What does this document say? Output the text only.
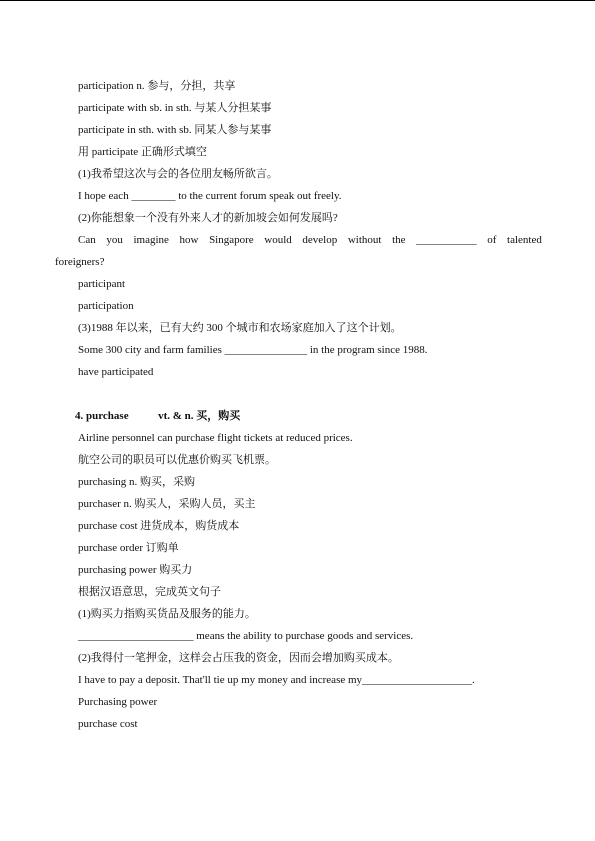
participation n. 参与，分担，共享
participate with sb. in sth. 与某人分担某事
participate in sth. with sb. 同某人参与某事
用 participate 正确形式填空
(1)我希望这次与会的各位朋友畅所欲言。
I hope each ________ to the current forum speak out freely.
(2)你能想象一个没有外来人才的新加坡会如何发展吗?
Can you imagine how Singapore would develop without the ___________ of talented
foreigners?
participant
participation
(3)1988 年以来，已有大约 300 个城市和农场家庭加入了这个计划。
Some 300 city and farm families _______________ in the program since 1988.
have participated
4. purchase	vt. & n. 买，购买
Airline personnel can purchase flight tickets at reduced prices.
航空公司的职员可以优惠价购买飞机票。
purchasing n. 购买，采购
purchaser n. 购买人，采购人员，买主
purchase cost 进货成本，购货成本
purchase order 订购单
purchasing power 购买力
根据汉语意思，完成英文句子
(1)购买力指购买货品及服务的能力。
_____________________ means the ability to purchase goods and services.
(2)我得付一笔押金，这样会占压我的资金，因而会增加购买成本。
I have to pay a deposit. That'll tie up my money and increase my____________________.
Purchasing power
purchase cost
